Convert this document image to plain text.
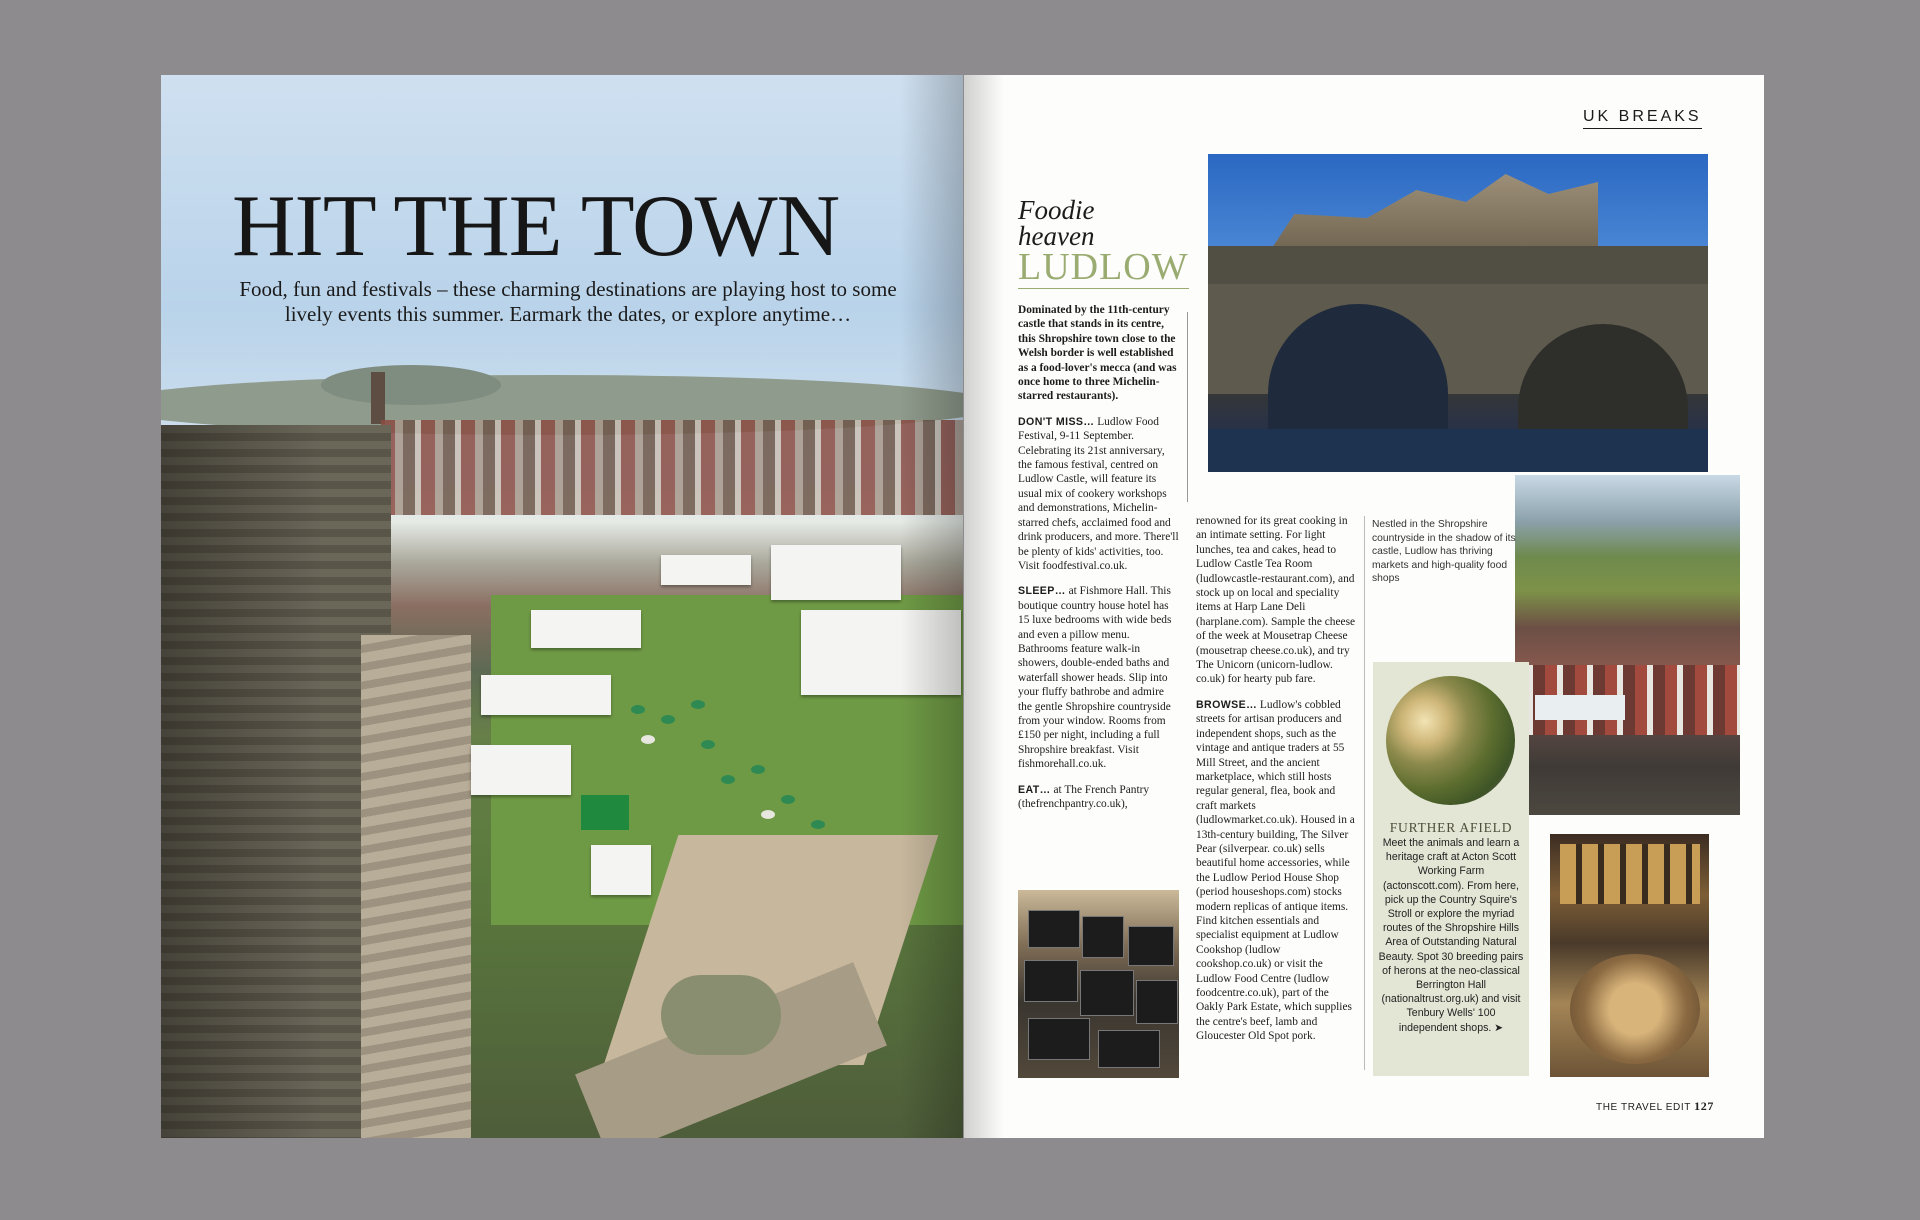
HIT THE TOWN

Food, fun and festivals – these charming destinations are playing host to some lively events this summer. Earmark the dates, or explore anytime…

UK BREAKS
Foodie
heaven
LUDLOW

Dominated by the 11th-century castle that stands in its centre, this Shropshire town close to the Welsh border is well established as a food-lover's mecca (and was once home to three Michelin-starred restaurants).

DON'T MISS… Ludlow Food Festival, 9-11 September. Celebrating its 21st anniversary, the famous festival, centred on Ludlow Castle, will feature its usual mix of cookery workshops and demonstrations, Michelin-starred chefs, acclaimed food and drink producers, and more. There'll be plenty of kids' activities, too. Visit foodfestival.co.uk.

SLEEP… at Fishmore Hall. This boutique country house hotel has 15 luxe bedrooms with wide beds and even a pillow menu. Bathrooms feature walk-in showers, double-ended baths and waterfall shower heads. Slip into your fluffy bathrobe and admire the gentle Shropshire countryside from your window. Rooms from £150 per night, including a full Shropshire breakfast. Visit fishmorehall.co.uk.

EAT… at The French Pantry (thefrenchpantry.co.uk),

renowned for its great cooking in an intimate setting. For light lunches, tea and cakes, head to Ludlow Castle Tea Room (ludlowcastle-restaurant.com), and stock up on local and speciality items at Harp Lane Deli (harplane.com). Sample the cheese of the week at Mousetrap Cheese (mousetrap cheese.co.uk), and try The Unicorn (unicorn-ludlow. co.uk) for hearty pub fare.

BROWSE… Ludlow's cobbled streets for artisan producers and independent shops, such as the vintage and antique traders at 55 Mill Street, and the ancient marketplace, which still hosts regular general, flea, book and craft markets (ludlowmarket.co.uk). Housed in a 13th-century building, The Silver Pear (silverpear. co.uk) sells beautiful home accessories, while the Ludlow Period House Shop (period houseshops.com) stocks modern replicas of antique items. Find kitchen essentials and specialist equipment at Ludlow Cookshop (ludlow cookshop.co.uk) or visit the Ludlow Food Centre (ludlow foodcentre.co.uk), part of the Oakly Park Estate, which supplies the centre's beef, lamb and Gloucester Old Spot pork.

Nestled in the Shropshire countryside in the shadow of its castle, Ludlow has thriving markets and high-quality food shops
FURTHER AFIELD
Meet the animals and learn a heritage craft at Acton Scott Working Farm (actonscott.com). From here, pick up the Country Squire's Stroll or explore the myriad routes of the Shropshire Hills Area of Outstanding Natural Beauty. Spot 30 breeding pairs of herons at the neo-classical Berrington Hall (nationaltrust.org.uk) and visit Tenbury Wells' 100 independent shops. ➤
THE TRAVEL EDIT 127
